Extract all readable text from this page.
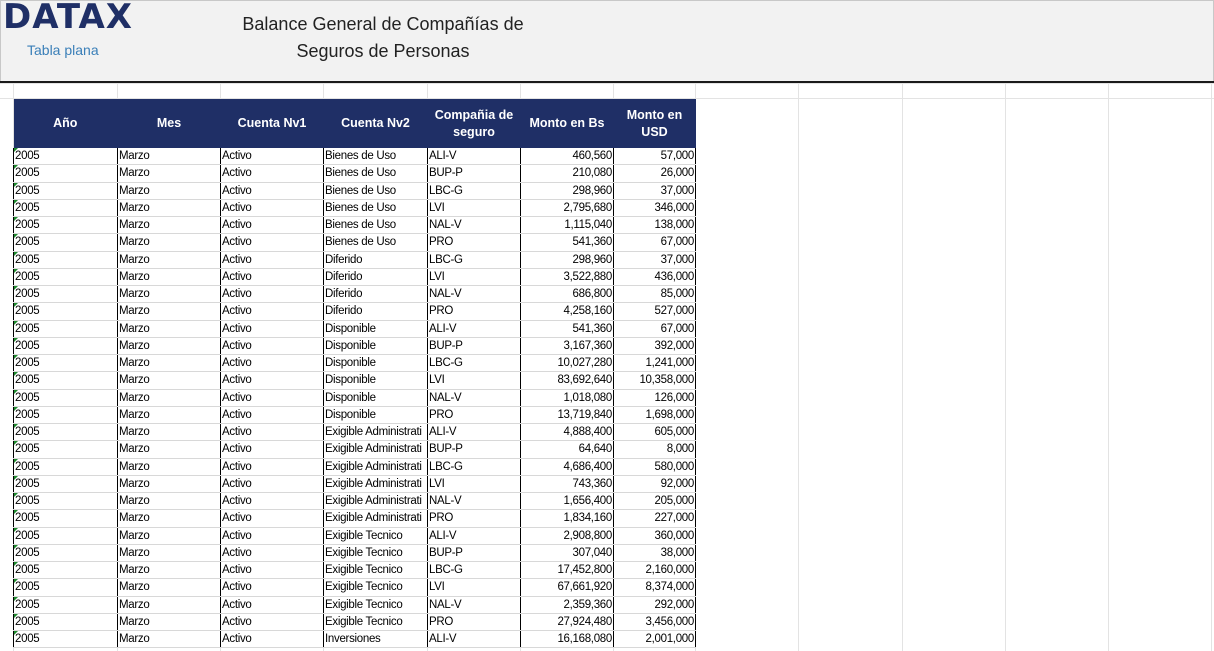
DATAX
Tabla plana
Balance General de Compañías de
Seguros de Personas
Año	Mes	Cuenta Nv1	Cuenta Nv2	Compañia de seguro	Monto en Bs	Monto en USD
2005	Marzo	Activo	Bienes de Uso	ALI-V	460,560	57,000
2005	Marzo	Activo	Bienes de Uso	BUP-P	210,080	26,000
2005	Marzo	Activo	Bienes de Uso	LBC-G	298,960	37,000
2005	Marzo	Activo	Bienes de Uso	LVI	2,795,680	346,000
2005	Marzo	Activo	Bienes de Uso	NAL-V	1,115,040	138,000
2005	Marzo	Activo	Bienes de Uso	PRO	541,360	67,000
2005	Marzo	Activo	Diferido	LBC-G	298,960	37,000
2005	Marzo	Activo	Diferido	LVI	3,522,880	436,000
2005	Marzo	Activo	Diferido	NAL-V	686,800	85,000
2005	Marzo	Activo	Diferido	PRO	4,258,160	527,000
2005	Marzo	Activo	Disponible	ALI-V	541,360	67,000
2005	Marzo	Activo	Disponible	BUP-P	3,167,360	392,000
2005	Marzo	Activo	Disponible	LBC-G	10,027,280	1,241,000
2005	Marzo	Activo	Disponible	LVI	83,692,640	10,358,000
2005	Marzo	Activo	Disponible	NAL-V	1,018,080	126,000
2005	Marzo	Activo	Disponible	PRO	13,719,840	1,698,000
2005	Marzo	Activo	Exigible Administrati	ALI-V	4,888,400	605,000
2005	Marzo	Activo	Exigible Administrati	BUP-P	64,640	8,000
2005	Marzo	Activo	Exigible Administrati	LBC-G	4,686,400	580,000
2005	Marzo	Activo	Exigible Administrati	LVI	743,360	92,000
2005	Marzo	Activo	Exigible Administrati	NAL-V	1,656,400	205,000
2005	Marzo	Activo	Exigible Administrati	PRO	1,834,160	227,000
2005	Marzo	Activo	Exigible Tecnico	ALI-V	2,908,800	360,000
2005	Marzo	Activo	Exigible Tecnico	BUP-P	307,040	38,000
2005	Marzo	Activo	Exigible Tecnico	LBC-G	17,452,800	2,160,000
2005	Marzo	Activo	Exigible Tecnico	LVI	67,661,920	8,374,000
2005	Marzo	Activo	Exigible Tecnico	NAL-V	2,359,360	292,000
2005	Marzo	Activo	Exigible Tecnico	PRO	27,924,480	3,456,000
2005	Marzo	Activo	Inversiones	ALI-V	16,168,080	2,001,000
